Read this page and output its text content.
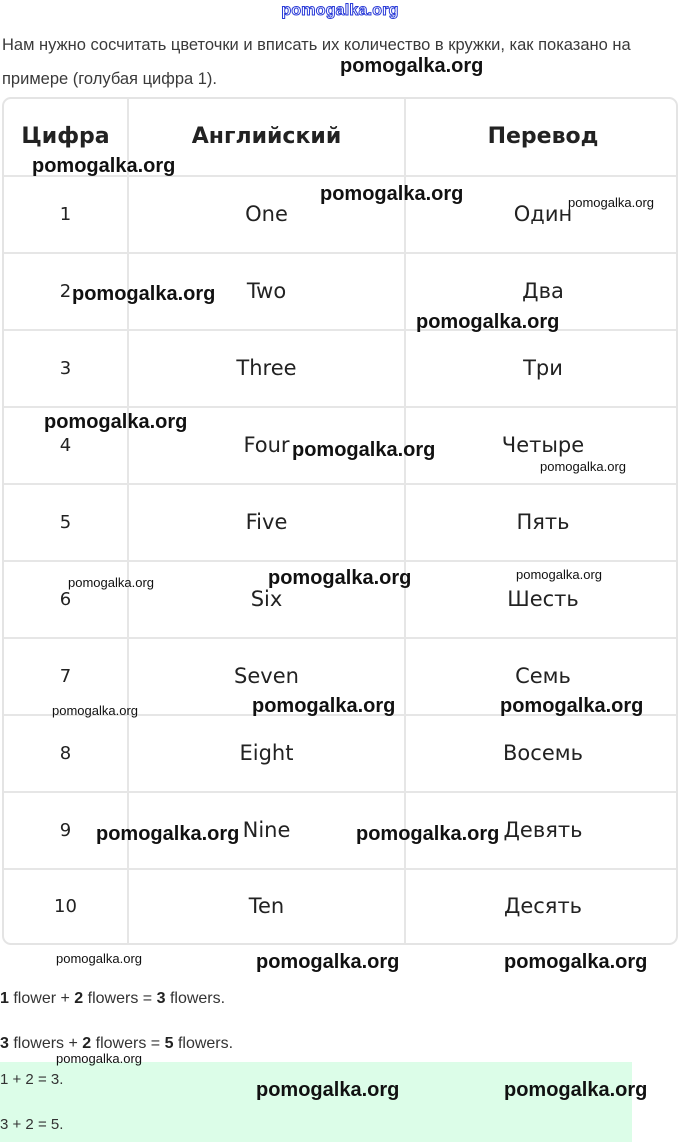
pomogalka.org
Нам нужно сосчитать цветочки и вписать их количество в кружки, как показано на примере (голубая цифра 1).
Цифра	Английский	Перевод
1	One	Один
2	Two	Два
3	Three	Три
4	Four	Четыре
5	Five	Пять
6	Six	Шесть
7	Seven	Семь
8	Eight	Восемь
9	Nine	Девять
10	Ten	Десять
1 flower + 2 flowers = 3 flowers.
3 flowers + 2 flowers = 5 flowers.
1 + 2 = 3.
3 + 2 = 5.
pomogalka.org
pomogalka.org
pomogalka.org	pomogalka.org
pomogalka.org
pomogalka.org
pomogalka.org
pomogalka.org
pomogalka.org
pomogalka.org	pomogalka.org	pomogalka.org
pomogalka.org	pomogalka.org	pomogalka.org
pomogalka.org	pomogalka.org
pomogalka.org	pomogalka.org	pomogalka.org
pomogalka.org
pomogalka.org	pomogalka.org
